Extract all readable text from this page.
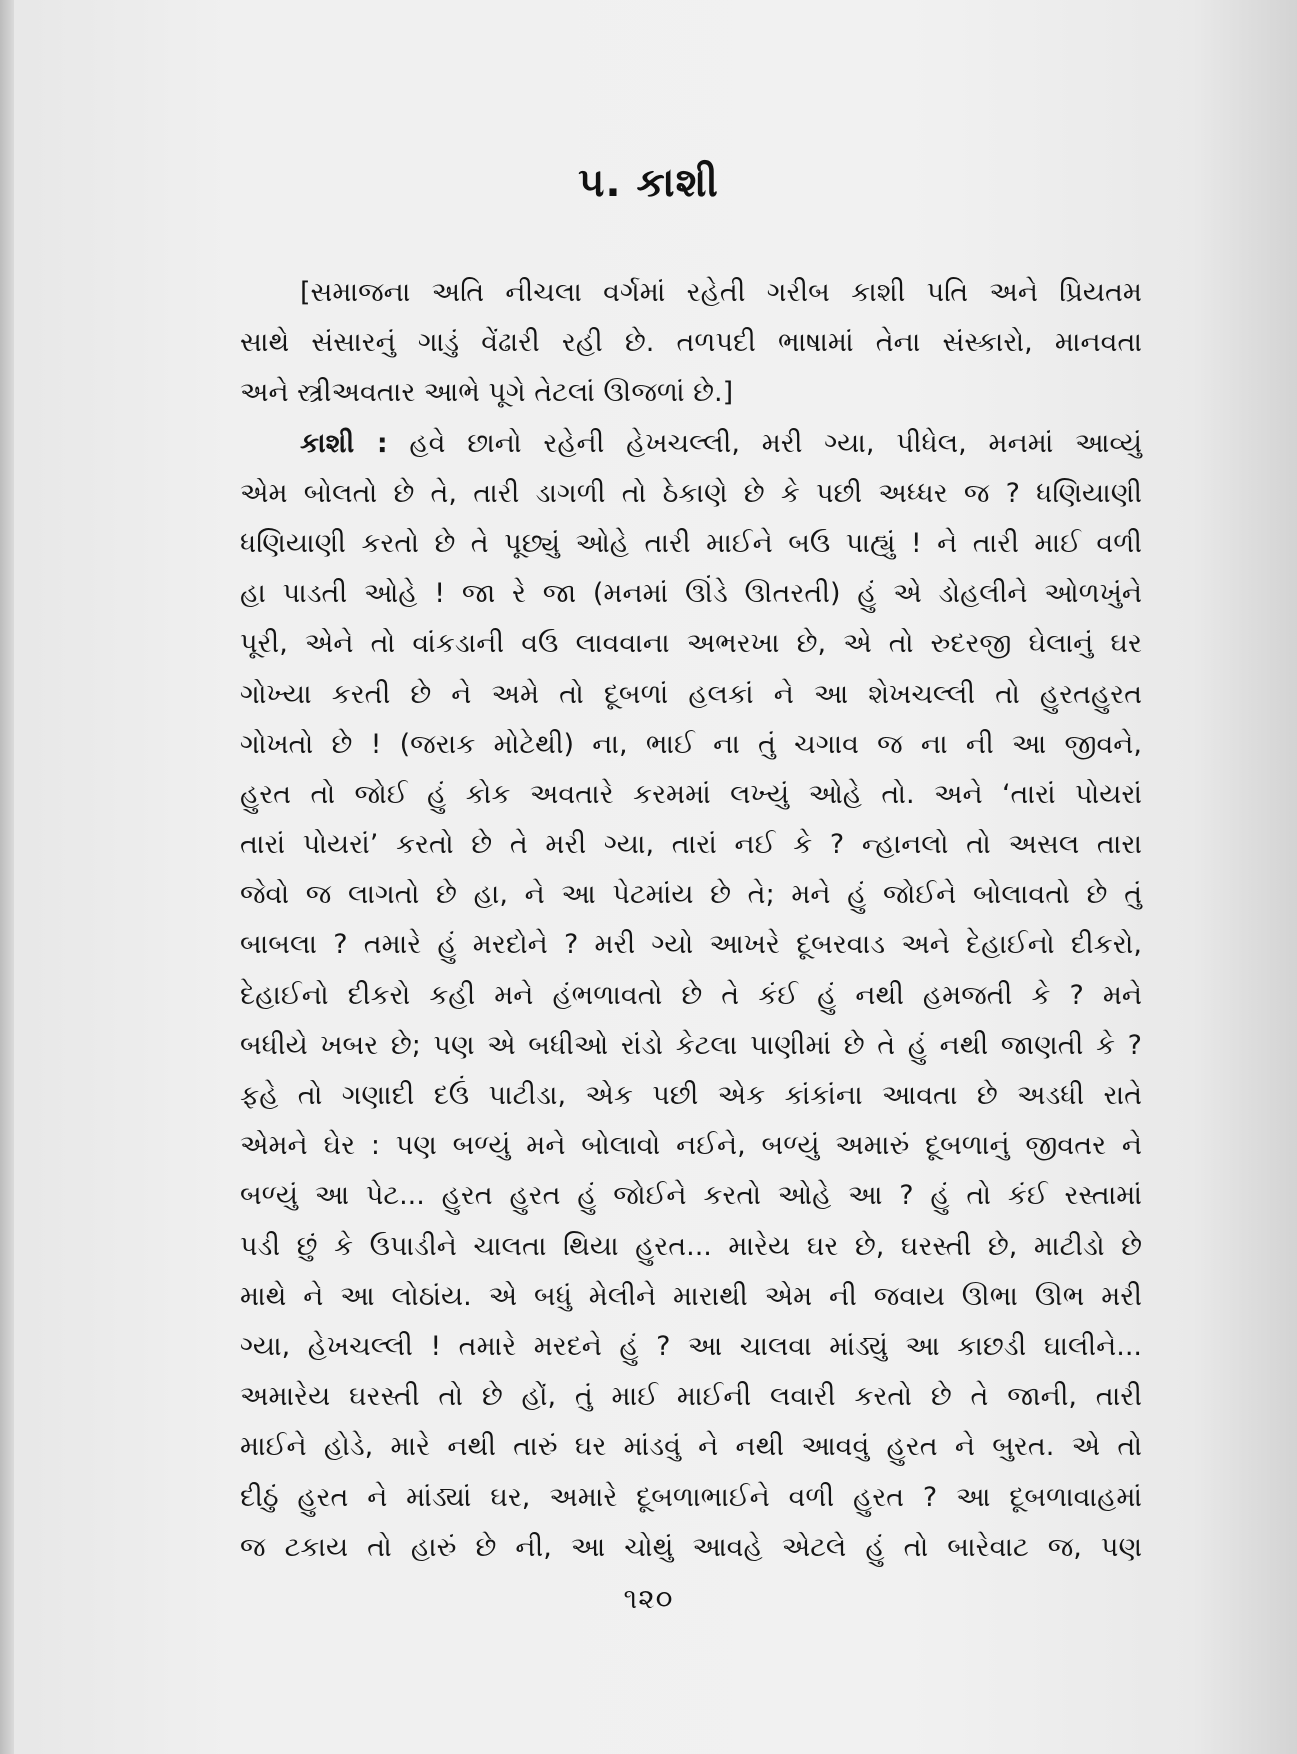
૫. કાશી
[સમાજના અતિ નીચલા વર્ગમાં રહેતી ગરીબ કાશી પતિ અને પ્રિયતમ
સાથે સંસારનું ગાડું વેંઢારી રહી છે. તળપદી ભાષામાં તેના સંસ્કારો, માનવતા
અને સ્ત્રીઅવતાર આભે પૂગે તેટલાં ઊજળાં છે.]
કાશી : હવે છાનો રહેની હેખચલ્લી, મરી ગ્યા, પીધેલ, મનમાં આવ્યું
એમ બોલતો છે તે, તારી ડાગળી તો ઠેકાણે છે કે પછી અધ્ધર જ ? ધણિયાણી
ધણિયાણી કરતો છે તે પૂછ્યું ઓહે તારી માઈને બઉ પાહ્યું ! ને તારી માઈ વળી
હા પાડતી ઓહે ! જા રે જા (મનમાં ઊંડે ઊતરતી) હું એ ડોહલીને ઓળખુંને
પૂરી, એને તો વાંકડાની વઉ લાવવાના અભરખા છે, એ તો રુદરજી ઘેલાનું ઘર
ગોખ્યા કરતી છે ને અમે તો દૂબળાં હલકાં ને આ શેખચલ્લી તો હુરતહુરત
ગોખતો છે ! (જરાક મોટેથી) ના, ભાઈ ના તું ચગાવ જ ના ની આ જીવને,
હુરત તો જોઈ હું કોક અવતારે કરમમાં લખ્યું ઓહે તો. અને ‘તારાં પોયરાં
તારાં પોયરાં’ કરતો છે તે મરી ગ્યા, તારાં નઈ કે ? ન્હાનલો તો અસલ તારા
જેવો જ લાગતો છે હા, ને આ પેટમાંય છે તે; મને હું જોઈને બોલાવતો છે તું
બાબલા ? તમારે હું મરદોને ? મરી ગ્યો આખરે દૂબરવાડ અને દેહાઈનો દીકરો,
દેહાઈનો દીકરો કહી મને હંભળાવતો છે તે કંઈ હું નથી હમજતી કે ? મને
બધીયે ખબર છે; પણ એ બધીઓ રાંડો કેટલા પાણીમાં છે તે હું નથી જાણતી કે ?
ફહે તો ગણાદી દઉં પાટીડા, એક પછી એક કાંકાંના આવતા છે અડધી રાતે
એમને ઘેર : પણ બળ્યું મને બોલાવો નઈને, બળ્યું અમારું દૂબળાનું જીવતર ને
બળ્યું આ પેટ... હુરત હુરત હું જોઈને કરતો ઓહે આ ? હું તો કંઈ રસ્તામાં
પડી છું કે ઉપાડીને ચાલતા થિયા હુરત... મારેય ઘર છે, ઘરસ્તી છે, માટીડો છે
માથે ને આ લોઠાંય. એ બધું મેલીને મારાથી એમ ની જવાય ઊભા ઊભ મરી
ગ્યા, હેખચલ્લી ! તમારે મરદને હું ? આ ચાલવા માંડ્યું આ કાછડી ઘાલીને...
અમારેય ઘરસ્તી તો છે હોં, તું માઈ માઈની લવારી કરતો છે તે જાની, તારી
માઈને હોડે, મારે નથી તારું ઘર માંડવું ને નથી આવવું હુરત ને બુરત. એ તો
દીઠું હુરત ને માંડ્યાં ઘર, અમારે દૂબળાભાઈને વળી હુરત ? આ દૂબળાવાહમાં
જ ટકાય તો હારું છે ની, આ ચોથું આવહે એટલે હું તો બારેવાટ જ, પણ
૧૨૦
